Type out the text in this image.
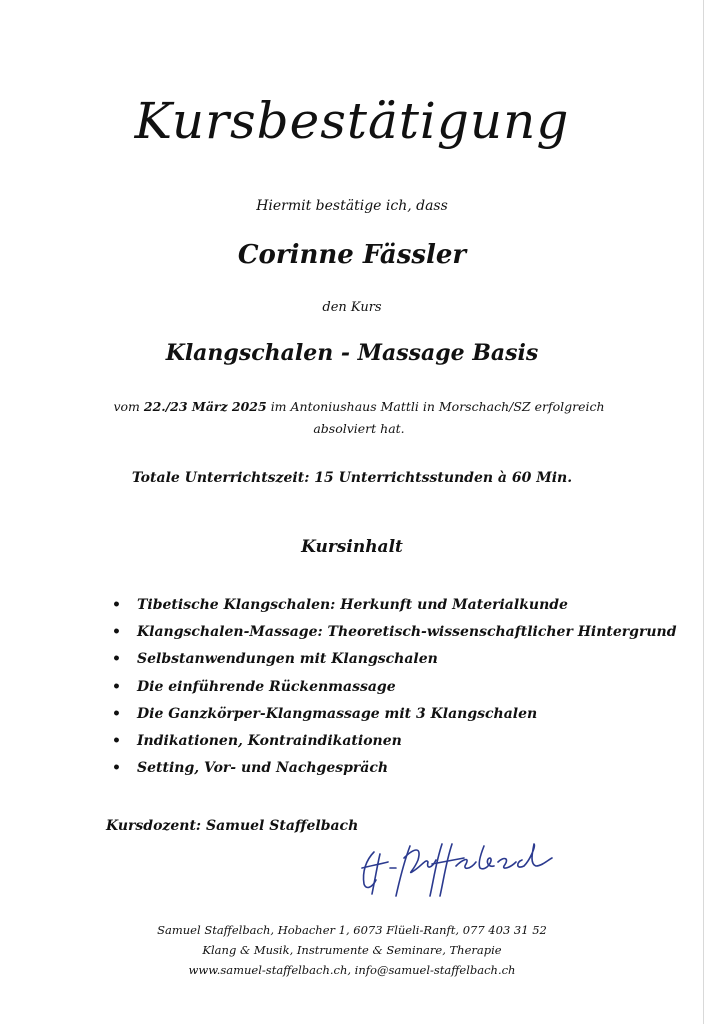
Kursbestätigung
Hiermit bestätige ich, dass
Corinne Fässler
den Kurs
Klangschalen - Massage Basis
vom 22./23 März 2025 im Antoniushaus Mattli in Morschach/SZ erfolgreich absolviert hat.
Totale Unterrichtszeit: 15 Unterrichtsstunden à 60 Min.
Kursinhalt
• Tibetische Klangschalen: Herkunft und Materialkunde
• Klangschalen-Massage: Theoretisch-wissenschaftlicher Hintergrund
• Selbstanwendungen mit Klangschalen
• Die einführende Rückenmassage
• Die Ganzkörper-Klangmassage mit 3 Klangschalen
• Indikationen, Kontraindikationen
• Setting, Vor- und Nachgespräch
Kursdozent: Samuel Staffelbach
Samuel Staffelbach, Hobacher 1, 6073 Flüeli-Ranft, 077 403 31 52
Klang & Musik, Instrumente & Seminare, Therapie
www.samuel-staffelbach.ch, info@samuel-staffelbach.ch
